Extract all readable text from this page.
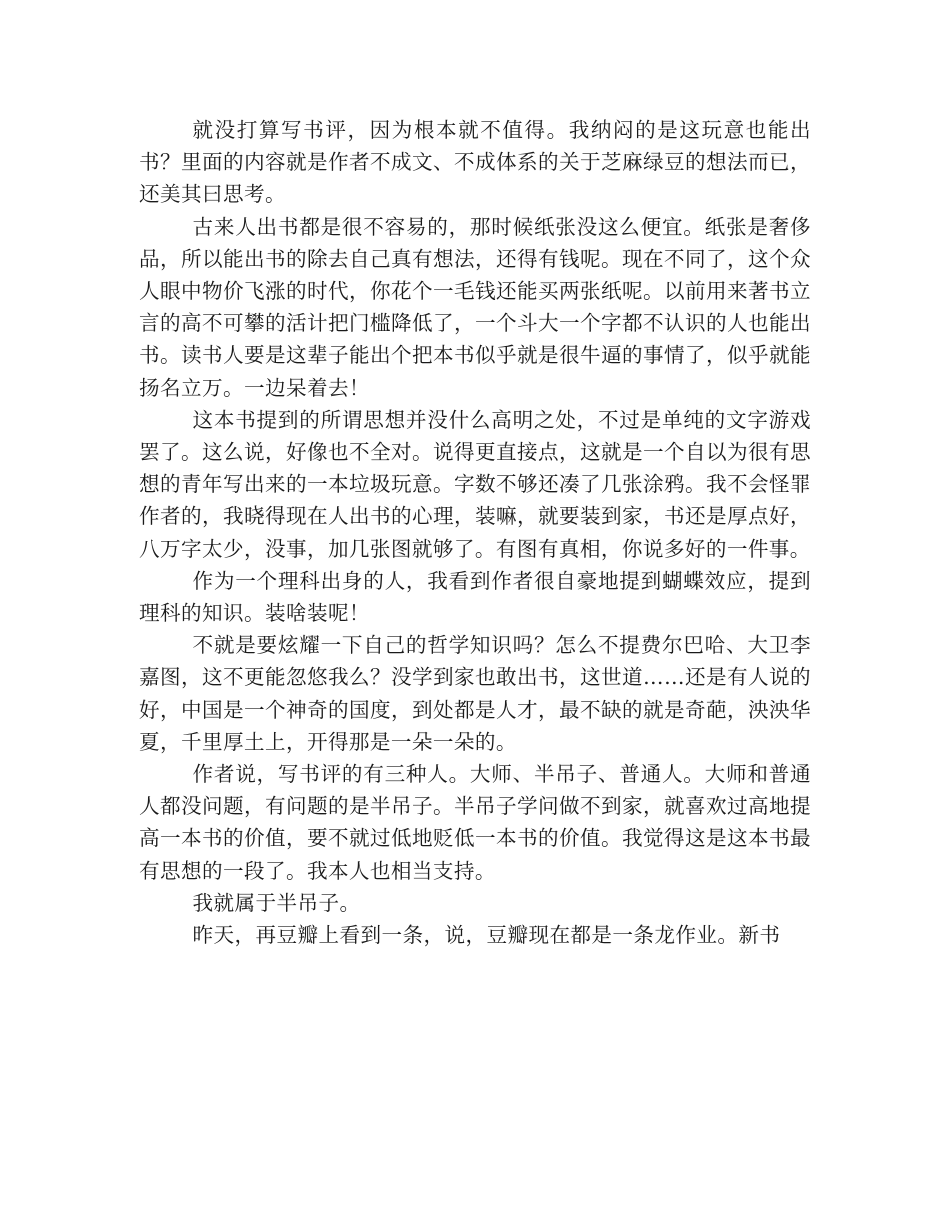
就没打算写书评，因为根本就不值得。我纳闷的是这玩意也能出书？里面的内容就是作者不成文、不成体系的关于芝麻绿豆的想法而已，还美其曰思考。

古来人出书都是很不容易的，那时候纸张没这么便宜。纸张是奢侈品，所以能出书的除去自己真有想法，还得有钱呢。现在不同了，这个众人眼中物价飞涨的时代，你花个一毛钱还能买两张纸呢。以前用来著书立言的高不可攀的活计把门槛降低了，一个斗大一个字都不认识的人也能出书。读书人要是这辈子能出个把本书似乎就是很牛逼的事情了，似乎就能扬名立万。一边呆着去！

这本书提到的所谓思想并没什么高明之处，不过是单纯的文字游戏罢了。这么说，好像也不全对。说得更直接点，这就是一个自以为很有思想的青年写出来的一本垃圾玩意。字数不够还凑了几张涂鸦。我不会怪罪作者的，我晓得现在人出书的心理，装嘛，就要装到家，书还是厚点好，八万字太少，没事，加几张图就够了。有图有真相，你说多好的一件事。

作为一个理科出身的人，我看到作者很自豪地提到蝴蝶效应，提到理科的知识。装啥装呢！

不就是要炫耀一下自己的哲学知识吗？怎么不提费尔巴哈、大卫李嘉图，这不更能忽悠我么？没学到家也敢出书，这世道……还是有人说的好，中国是一个神奇的国度，到处都是人才，最不缺的就是奇葩，泱泱华夏，千里厚土上，开得那是一朵一朵的。

作者说，写书评的有三种人。大师、半吊子、普通人。大师和普通人都没问题，有问题的是半吊子。半吊子学问做不到家，就喜欢过高地提高一本书的价值，要不就过低地贬低一本书的价值。我觉得这是这本书最有思想的一段了。我本人也相当支持。

我就属于半吊子。

昨天，再豆瓣上看到一条，说，豆瓣现在都是一条龙作业。新书
